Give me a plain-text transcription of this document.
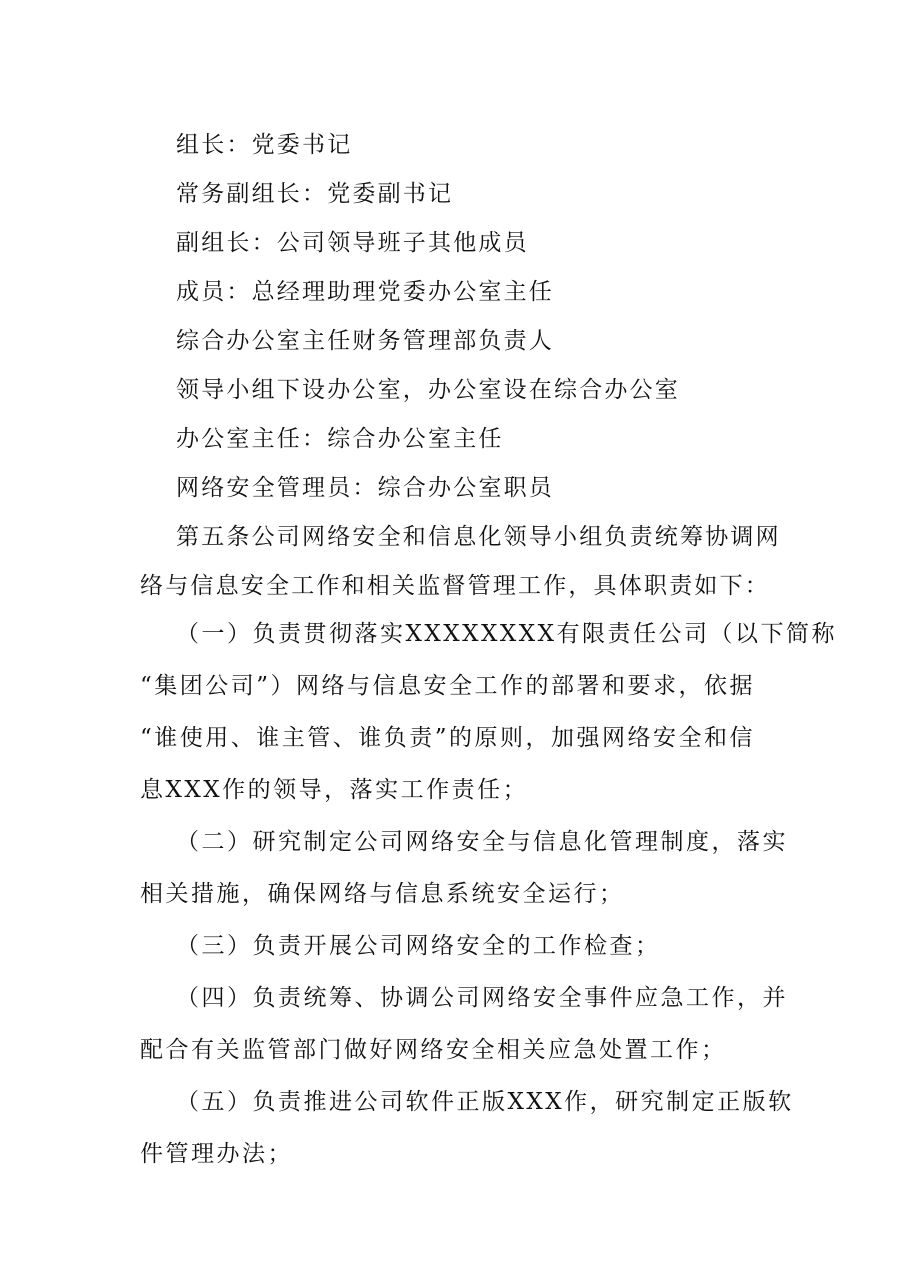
组长：党委书记
常务副组长：党委副书记
副组长：公司领导班子其他成员
成员：总经理助理党委办公室主任
综合办公室主任财务管理部负责人
领导小组下设办公室，办公室设在综合办公室
办公室主任：综合办公室主任
网络安全管理员：综合办公室职员
第五条公司网络安全和信息化领导小组负责统筹协调网
络与信息安全工作和相关监督管理工作，具体职责如下：
（一）负责贯彻落实XXXXXXXX有限责任公司（以下简称
“集团公司”）网络与信息安全工作的部署和要求，依据
“谁使用、谁主管、谁负责”的原则，加强网络安全和信
息XXX作的领导，落实工作责任；
（二）研究制定公司网络安全与信息化管理制度，落实
相关措施，确保网络与信息系统安全运行；
（三）负责开展公司网络安全的工作检查；
（四）负责统筹、协调公司网络安全事件应急工作，并
配合有关监管部门做好网络安全相关应急处置工作；
（五）负责推进公司软件正版XXX作，研究制定正版软
件管理办法；
